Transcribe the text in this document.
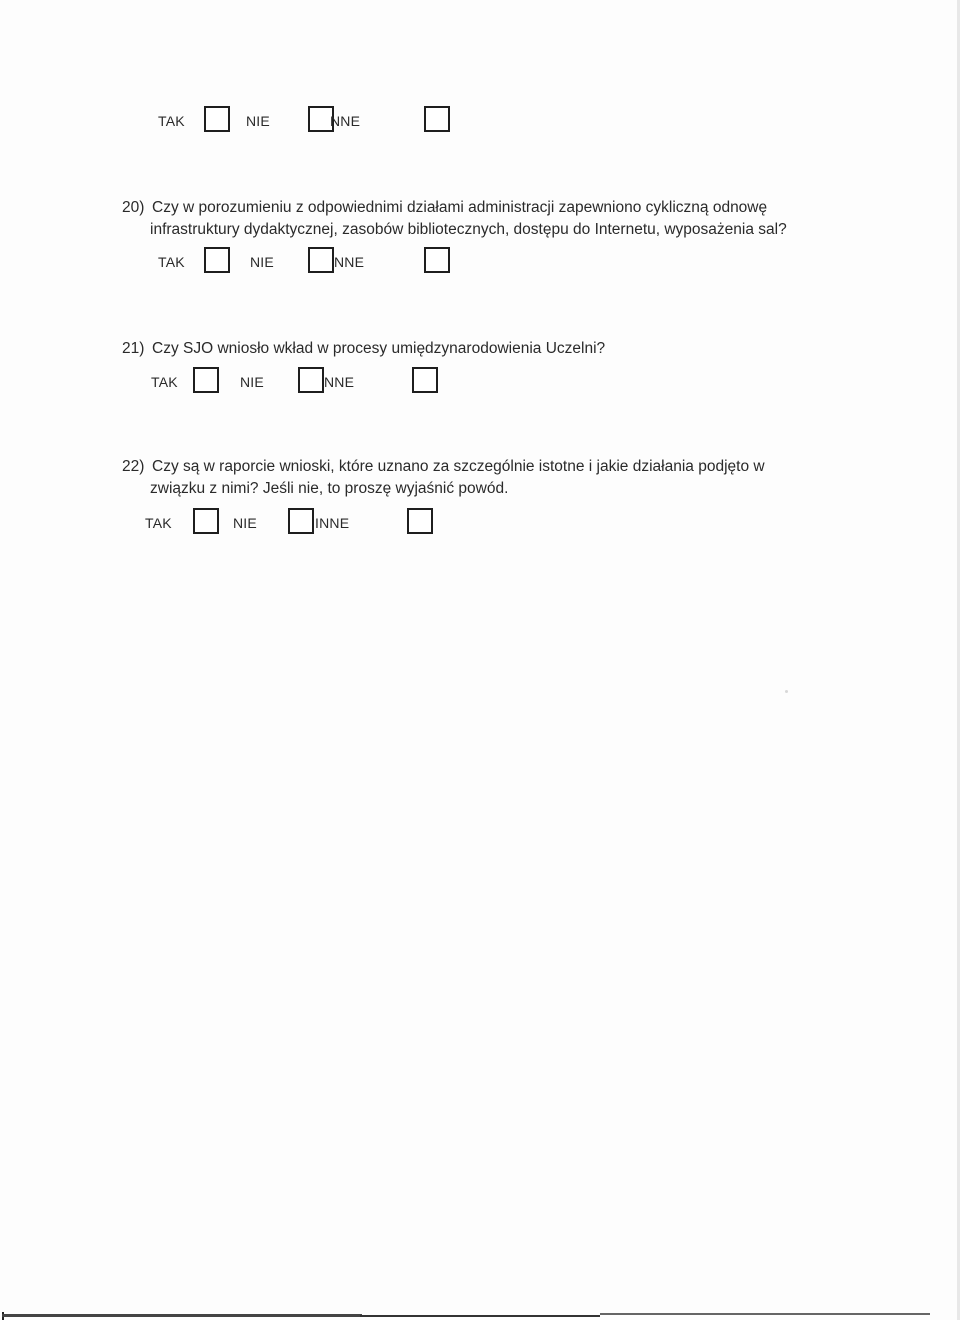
TAK	NIE	NNE
20) Czy w porozumieniu z odpowiednimi działami administracji zapewniono cykliczną odnowę
infrastruktury dydaktycznej, zasobów bibliotecznych, dostępu do Internetu, wyposażenia sal?
TAK	NIE	NNE
21) Czy SJO wniosło wkład w procesy umiędzynarodowienia Uczelni?
TAK	NIE	NNE
22) Czy są w raporcie wnioski, które uznano za szczególnie istotne i jakie działania podjęto w
związku z nimi? Jeśli nie, to proszę wyjaśnić powód.
TAK	NIE	INNE
